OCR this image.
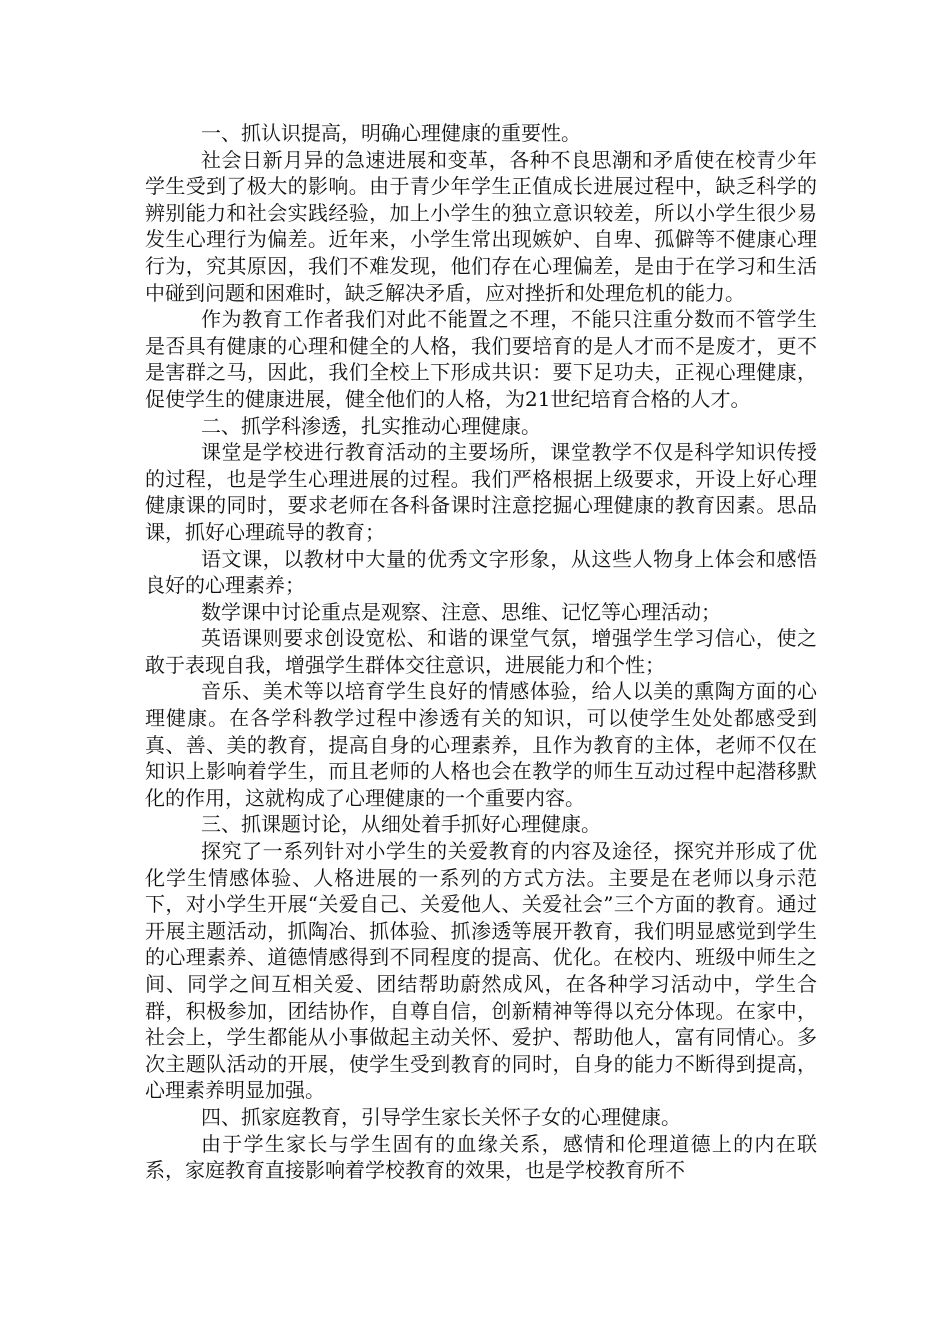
一、抓认识提高，明确心理健康的重要性。

社会日新月异的急速进展和变革，各种不良思潮和矛盾使在校青少年学生受到了极大的影响。由于青少年学生正值成长进展过程中，缺乏科学的辨别能力和社会实践经验，加上小学生的独立意识较差，所以小学生很少易发生心理行为偏差。近年来，小学生常出现嫉妒、自卑、孤僻等不健康心理行为，究其原因，我们不难发现，他们存在心理偏差，是由于在学习和生活中碰到问题和困难时，缺乏解决矛盾，应对挫折和处理危机的能力。

作为教育工作者我们对此不能置之不理，不能只注重分数而不管学生是否具有健康的心理和健全的人格，我们要培育的是人才而不是废才，更不是害群之马，因此，我们全校上下形成共识：要下足功夫，正视心理健康，促使学生的健康进展，健全他们的人格，为21世纪培育合格的人才。

二、抓学科渗透，扎实推动心理健康。

课堂是学校进行教育活动的主要场所，课堂教学不仅是科学知识传授的过程，也是学生心理进展的过程。我们严格根据上级要求，开设上好心理健康课的同时，要求老师在各科备课时注意挖掘心理健康的教育因素。思品课，抓好心理疏导的教育；

语文课，以教材中大量的优秀文字形象，从这些人物身上体会和感悟良好的心理素养；

数学课中讨论重点是观察、注意、思维、记忆等心理活动；

英语课则要求创设宽松、和谐的课堂气氛，增强学生学习信心，使之敢于表现自我，增强学生群体交往意识，进展能力和个性；

音乐、美术等以培育学生良好的情感体验，给人以美的熏陶方面的心理健康。在各学科教学过程中渗透有关的知识，可以使学生处处都感受到真、善、美的教育，提高自身的心理素养，且作为教育的主体，老师不仅在知识上影响着学生，而且老师的人格也会在教学的师生互动过程中起潜移默化的作用，这就构成了心理健康的一个重要内容。

三、抓课题讨论，从细处着手抓好心理健康。

探究了一系列针对小学生的关爱教育的内容及途径，探究并形成了优化学生情感体验、人格进展的一系列的方式方法。主要是在老师以身示范下，对小学生开展“关爱自己、关爱他人、关爱社会”三个方面的教育。通过开展主题活动，抓陶冶、抓体验、抓渗透等展开教育，我们明显感觉到学生的心理素养、道德情感得到不同程度的提高、优化。在校内、班级中师生之间、同学之间互相关爱、团结帮助蔚然成风，在各种学习活动中，学生合群，积极参加，团结协作，自尊自信，创新精神等得以充分体现。在家中，社会上，学生都能从小事做起主动关怀、爱护、帮助他人，富有同情心。多次主题队活动的开展，使学生受到教育的同时，自身的能力不断得到提高，心理素养明显加强。

四、抓家庭教育，引导学生家长关怀子女的心理健康。

由于学生家长与学生固有的血缘关系，感情和伦理道德上的内在联系，家庭教育直接影响着学校教育的效果，也是学校教育所不
